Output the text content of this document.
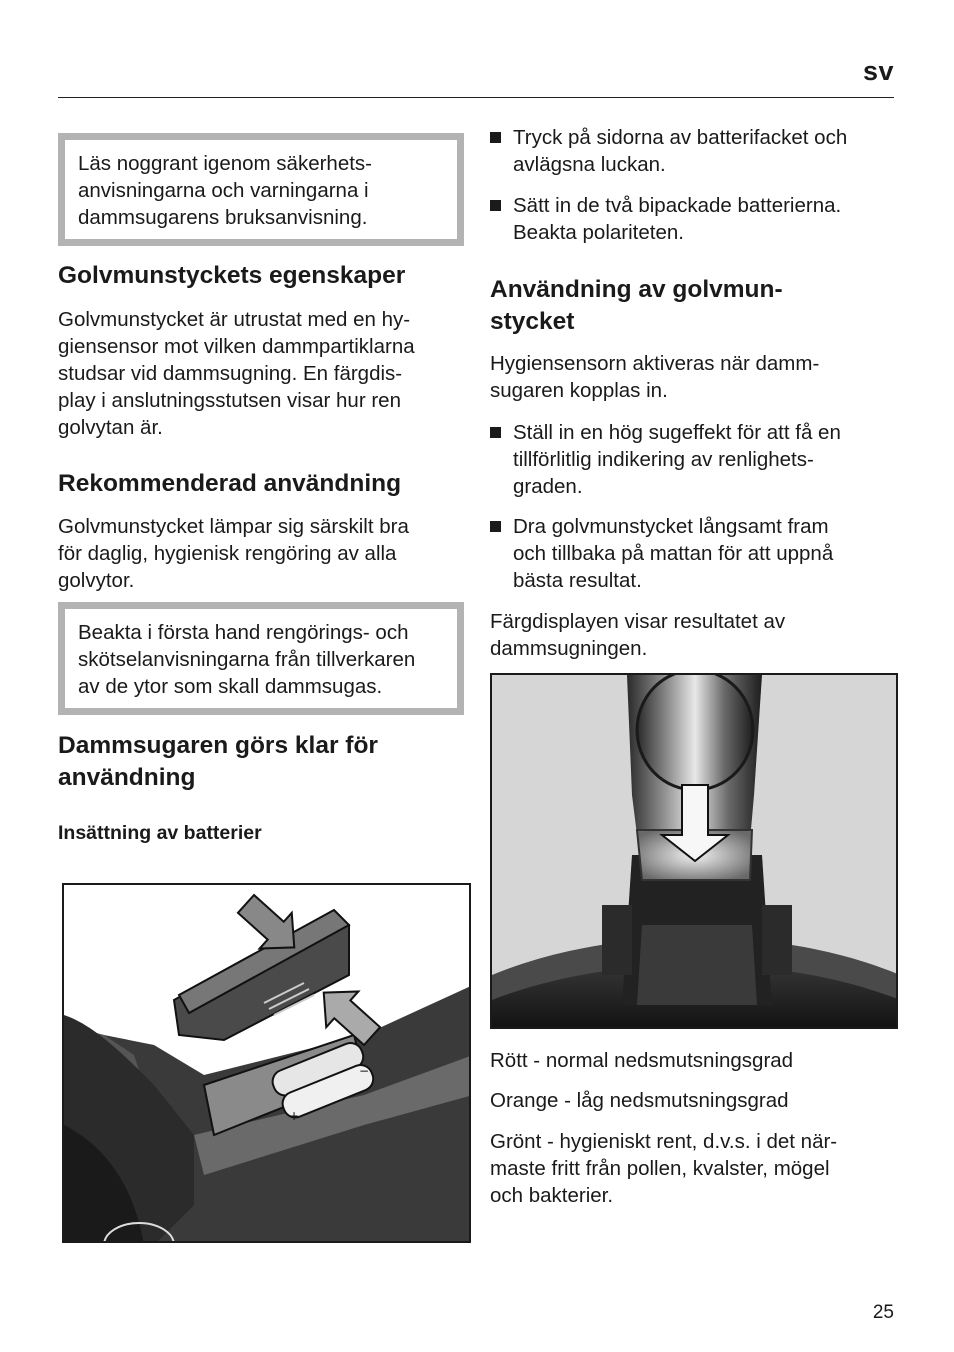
sv
Läs noggrant igenom säkerhets-
anvisningarna och varningarna i
dammsugarens bruksanvisning.
Golvmunstyckets egenskaper

Golvmunstycket är utrustat med en hy-
giensensor mot vilken dammpartiklarna
studsar vid dammsugning. En färgdis-
play i anslutningsstutsen visar hur ren
golvytan är.

Rekommenderad användning

Golvmunstycket lämpar sig särskilt bra
för daglig, hygienisk rengöring av alla
golvytor.

Beakta i första hand rengörings- och
skötselanvisningarna från tillverkaren
av de ytor som skall dammsugas.
Dammsugaren görs klar för
användning
Insättning av batterier
+
−
Tryck på sidorna av batterifacket och
avlägsna luckan.
Sätt in de två bipackade batterierna.
Beakta polariteten.
Användning av golvmun-
stycket

Hygiensensorn aktiveras när damm-
sugaren kopplas in.

Ställ in en hög sugeffekt för att få en
tillförlitlig indikering av renlighets-
graden.
Dra golvmunstycket långsamt fram
och tillbaka på mattan för att uppnå
bästa resultat.

Färgdisplayen visar resultatet av
dammsugningen.

Rött - normal nedsmutsningsgrad

Orange - låg nedsmutsningsgrad

Grönt - hygieniskt rent, d.v.s. i det när-
maste fritt från pollen, kvalster, mögel
och bakterier.

25
